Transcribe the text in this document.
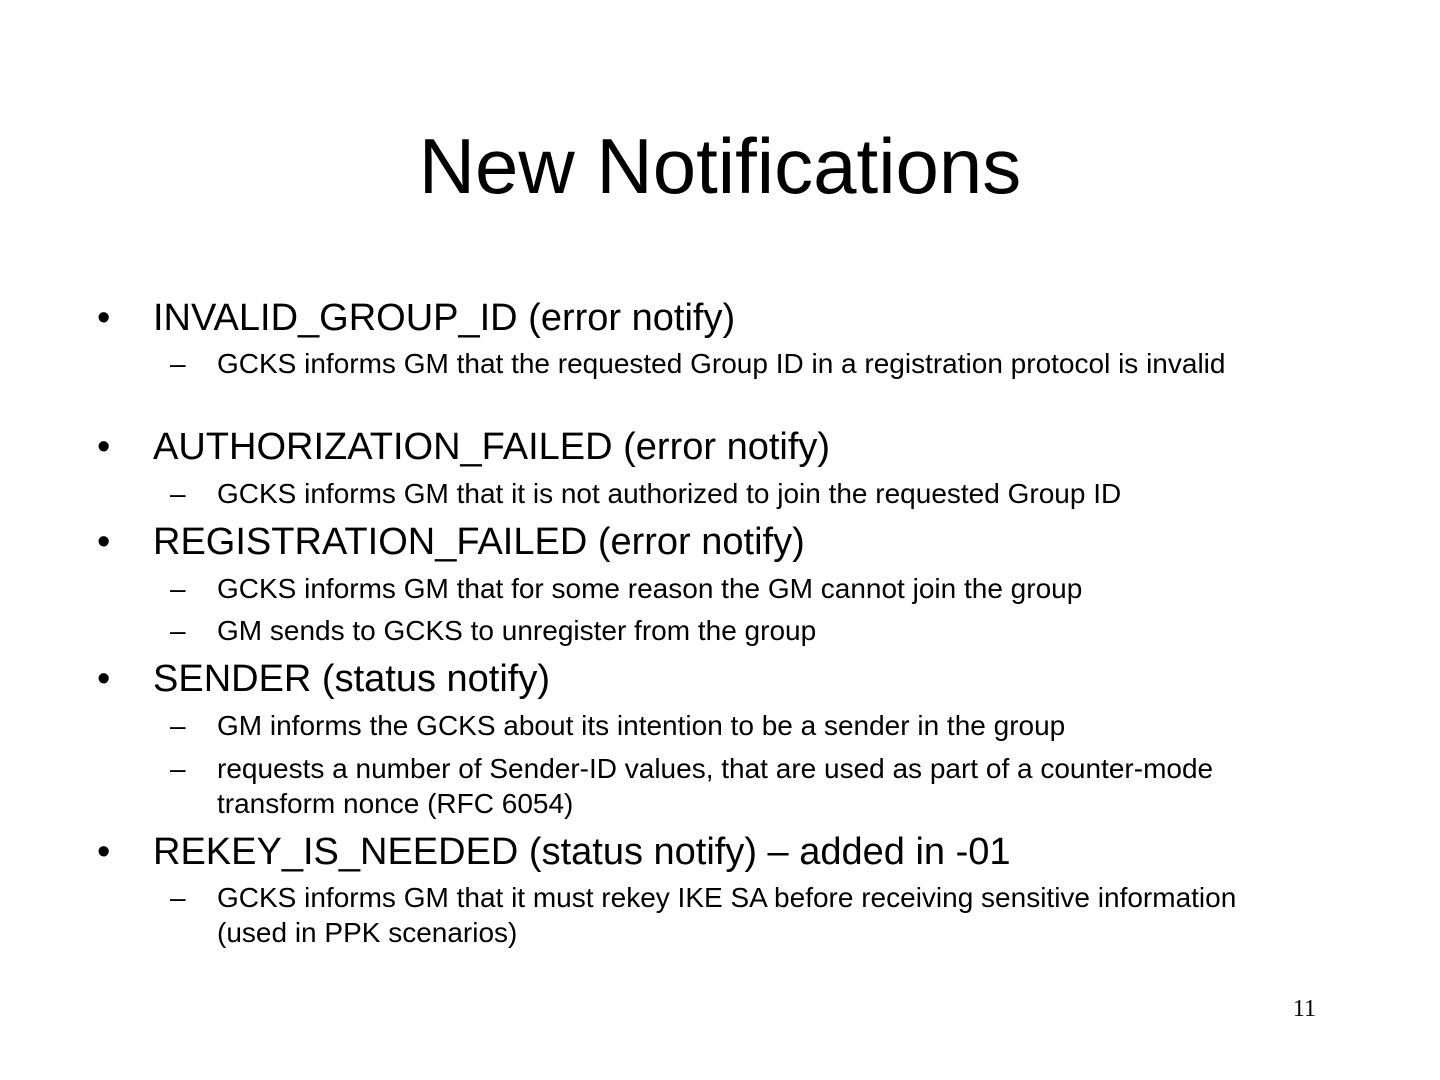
New Notifications
• INVALID_GROUP_ID (error notify)
– GCKS informs GM that the requested Group ID in a registration protocol is invalid
• AUTHORIZATION_FAILED (error notify)
– GCKS informs GM that it is not authorized to join the requested Group ID
• REGISTRATION_FAILED (error notify)
– GCKS informs GM that for some reason the GM cannot join the group
– GM sends to GCKS to unregister from the group
• SENDER (status notify)
– GM informs the GCKS about its intention to be a sender in the group
– requests a number of Sender-ID values, that are used as part of a counter-mode transform nonce (RFC 6054)
• REKEY_IS_NEEDED (status notify) – added in -01
– GCKS informs GM that it must rekey IKE SA before receiving sensitive information (used in PPK scenarios)
11
